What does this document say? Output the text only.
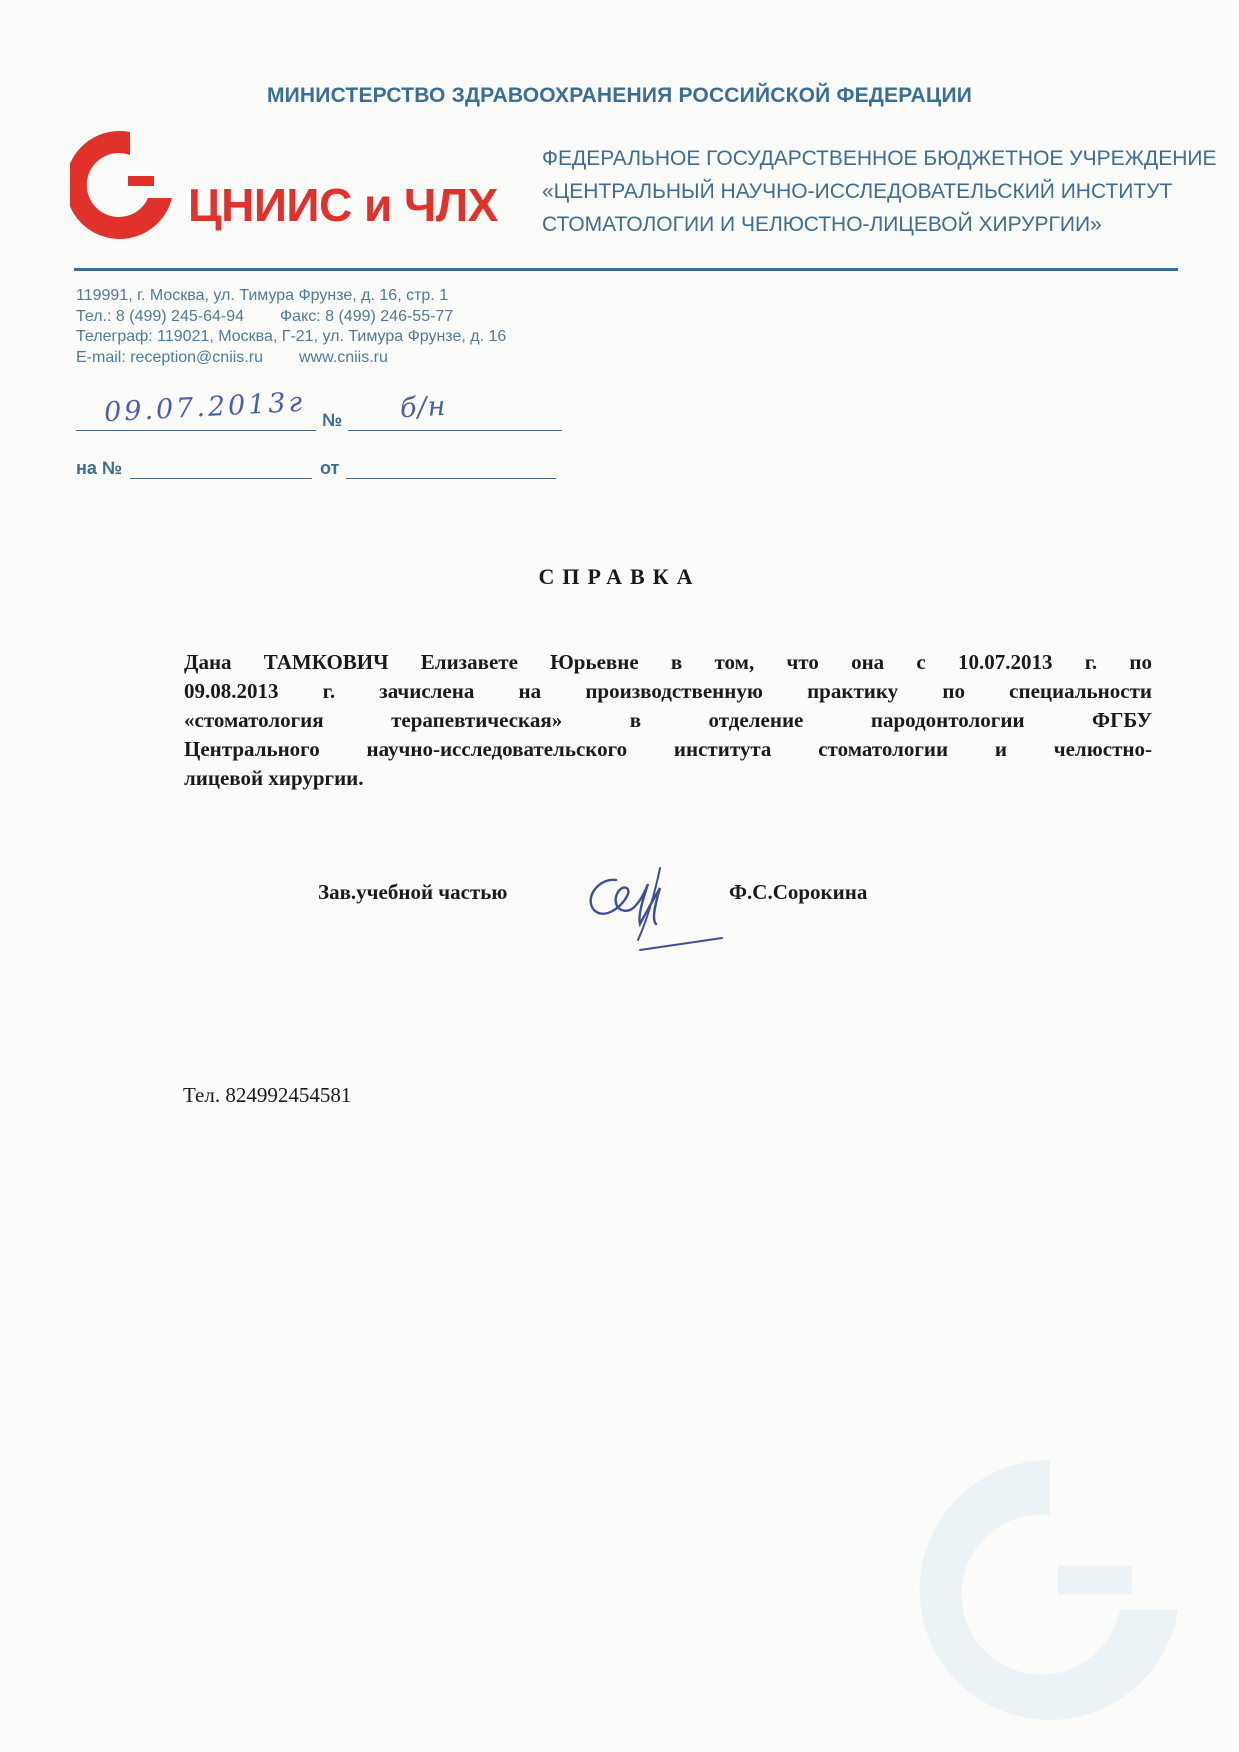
МИНИСТЕРСТВО ЗДРАВООХРАНЕНИЯ РОССИЙСКОЙ ФЕДЕРАЦИИ
ЦНИИС и ЧЛХ
ФЕДЕРАЛЬНОЕ ГОСУДАРСТВЕННОЕ БЮДЖЕТНОЕ УЧРЕЖДЕНИЕ
«ЦЕНТРАЛЬНЫЙ НАУЧНО-ИССЛЕДОВАТЕЛЬСКИЙ ИНСТИТУТ
СТОМАТОЛОГИИ И ЧЕЛЮСТНО-ЛИЦЕВОЙ ХИРУРГИИ»
119991, г. Москва, ул. Тимура Фрунзе, д. 16, стр. 1
Тел.: 8 (499) 245-64-94 Факс: 8 (499) 246-55-77
Телеграф: 119021, Москва, Г-21, ул. Тимура Фрунзе, д. 16
E-mail: reception@cniis.ru www.cniis.ru
09.07.2013г № б/н
на №	от
СПРАВКА
Дана ТАМКОВИЧ Елизавете Юрьевне в том, что она с 10.07.2013 г. по
09.08.2013 г. зачислена на производственную практику по специальности
«стоматология терапевтическая» в отделение пародонтологии ФГБУ
Центрального научно-исследовательского института стоматологии и челюстно-
лицевой хирургии.
Зав.учебной частью	Ф.С.Сорокина
Тел. 824992454581
